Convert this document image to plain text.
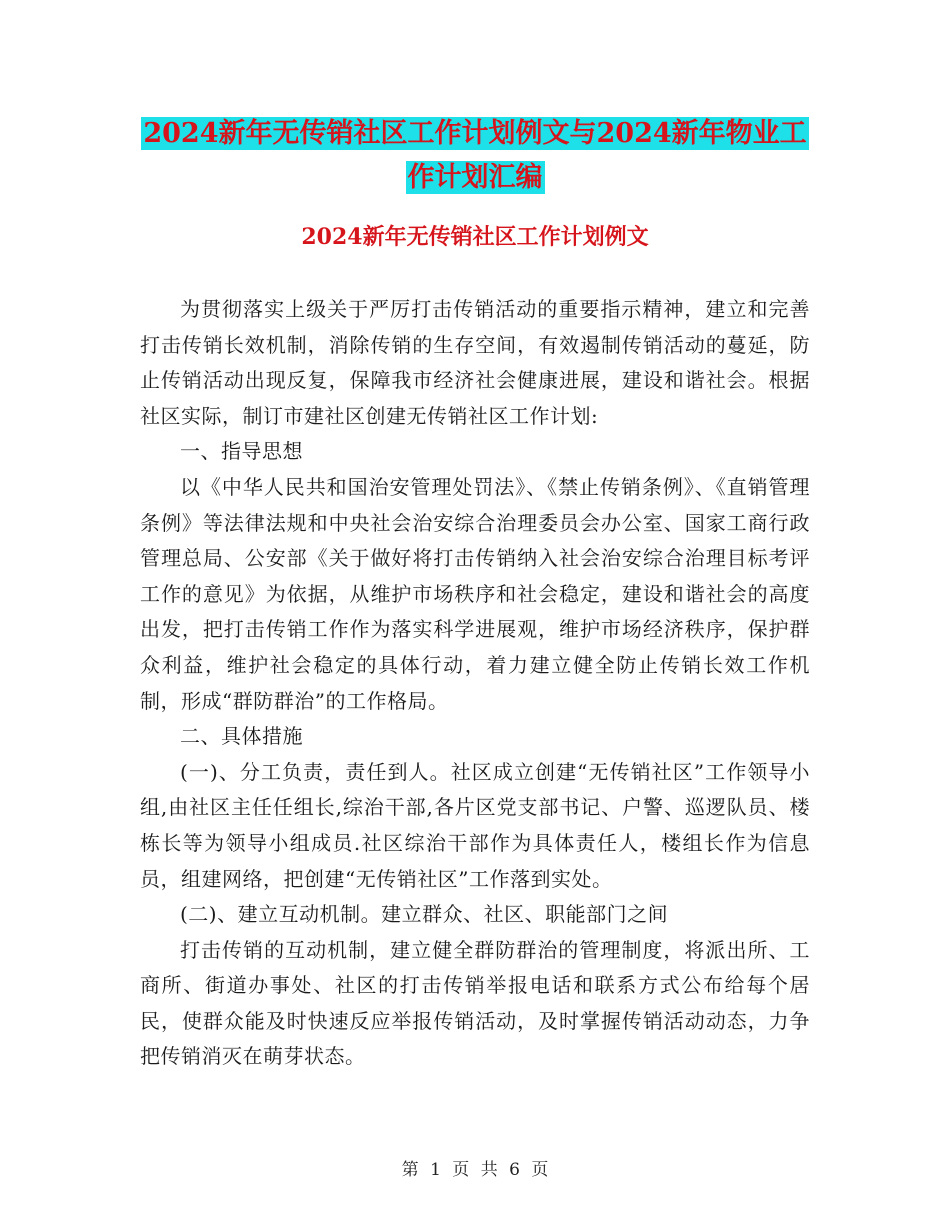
2024新年无传销社区工作计划例文与2024新年物业工
作计划汇编
2024新年无传销社区工作计划例文

为贯彻落实上级关于严厉打击传销活动的重要指示精神，建立和完善打击传销长效机制，消除传销的生存空间，有效遏制传销活动的蔓延，防止传销活动出现反复，保障我市经济社会健康进展，建设和谐社会。根据社区实际，制订市建社区创建无传销社区工作计划:

一、指导思想

以《中华人民共和国治安管理处罚法》、《禁止传销条例》、《直销管理条例》等法律法规和中央社会治安综合治理委员会办公室、国家工商行政管理总局、公安部《关于做好将打击传销纳入社会治安综合治理目标考评工作的意见》为依据，从维护市场秩序和社会稳定，建设和谐社会的高度出发，把打击传销工作作为落实科学进展观，维护市场经济秩序，保护群众利益，维护社会稳定的具体行动，着力建立健全防止传销长效工作机制，形成“群防群治”的工作格局。

二、具体措施

(一)、分工负责，责任到人。社区成立创建“无传销社区”工作领导小组,由社区主任任组长,综治干部,各片区党支部书记、户警、巡逻队员、楼栋长等为领导小组成员.社区综治干部作为具体责任人，楼组长作为信息员，组建网络，把创建“无传销社区”工作落到实处。

(二)、建立互动机制。建立群众、社区、职能部门之间

打击传销的互动机制，建立健全群防群治的管理制度，将派出所、工商所、街道办事处、社区的打击传销举报电话和联系方式公布给每个居民，使群众能及时快速反应举报传销活动，及时掌握传销活动动态，力争把传销消灭在萌芽状态。

第 1 页 共 6 页
